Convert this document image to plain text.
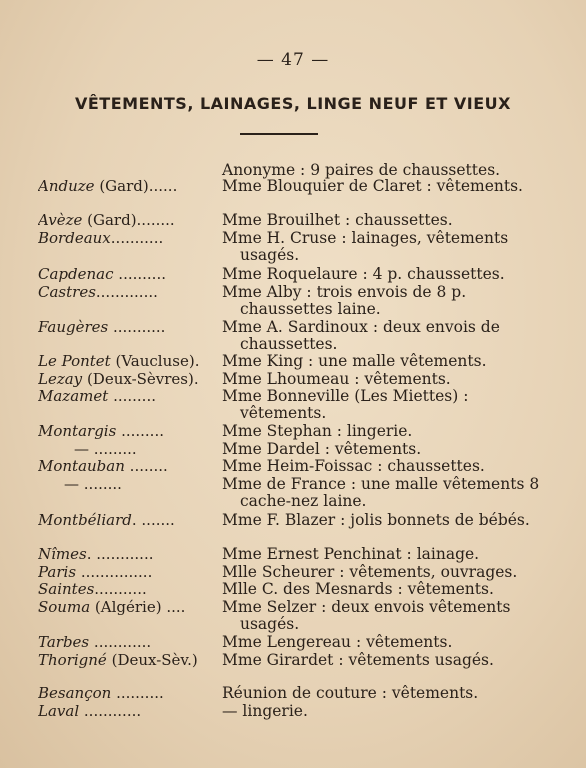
— 47 —
VÊTEMENTS, LAINAGES, LINGE NEUF ET VIEUX
Anonyme : 9 paires de chaussettes.
Anduze (Gard)......	Mme Blouquier de Claret : vêtements.
Avèze (Gard)........	Mme Brouilhet : chaussettes.
Bordeaux...........	Mme H. Cruse : lainages, vêtements usagés.
Capdenac ..........	Mme Roquelaure : 4 p. chaussettes.
Castres.............	Mme Alby : trois envois de 8 p. chaussettes laine.
Faugères ...........	Mme A. Sardinoux : deux envois de chaussettes.
Le Pontet (Vaucluse).	Mme King : une malle vêtements.
Lezay (Deux-Sèvres).	Mme Lhoumeau : vêtements.
Mazamet .........	Mme Bonneville (Les Miettes) : vêtements.
Montargis .........	Mme Stephan : lingerie.
— .........	Mme Dardel : vêtements.
Montauban ........	Mme Heim-Foissac : chaussettes.
— ........	Mme de France : une malle vêtements 8 cache-nez laine.
Montbéliard. .......	Mme F. Blazer : jolis bonnets de bébés.
Nîmes. ............	Mme Ernest Penchinat : lainage.
Paris ...............	Mlle Scheurer : vêtements, ouvrages.
Saintes...........	Mlle C. des Mesnards : vêtements.
Souma (Algérie) ....	Mme Selzer : deux envois vêtements usagés.
Tarbes ............	Mme Lengereau : vêtements.
Thorigné (Deux-Sèv.)	Mme Girardet : vêtements usagés.
Besançon ..........	Réunion de couture : vêtements.
Laval ............	— lingerie.
